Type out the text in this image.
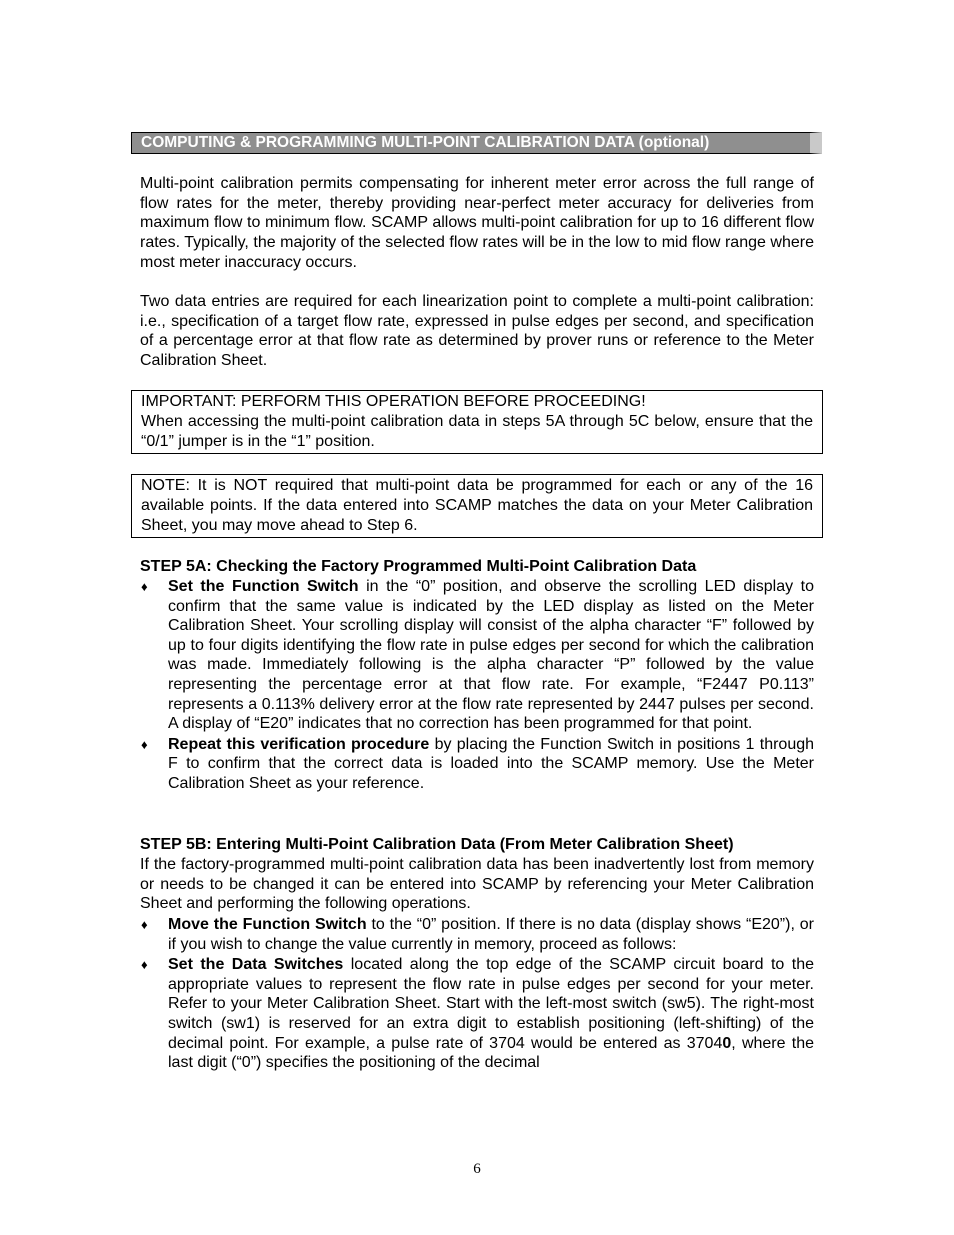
COMPUTING & PROGRAMMING MULTI-POINT CALIBRATION DATA (optional)

Multi-point calibration permits compensating for inherent meter error across the full range of flow rates for the meter, thereby providing near-perfect meter accuracy for deliveries from maximum flow to minimum flow. SCAMP allows multi-point calibration for up to 16 different flow rates. Typically, the majority of the selected flow rates will be in the low to mid flow range where most meter inaccuracy occurs.

Two data entries are required for each linearization point to complete a multi-point calibration: i.e., specification of a target flow rate, expressed in pulse edges per second, and specification of a percentage error at that flow rate as determined by prover runs or reference to the Meter Calibration Sheet.

IMPORTANT: PERFORM THIS OPERATION BEFORE PROCEEDING!
When accessing the multi-point calibration data in steps 5A through 5C below, ensure that the “0/1” jumper is in the “1” position.
NOTE: It is NOT required that multi-point data be programmed for each or any of the 16 available points. If the data entered into SCAMP matches the data on your Meter Calibration Sheet, you may move ahead to Step 6.
STEP 5A: Checking the Factory Programmed Multi-Point Calibration Data
♦ Set the Function Switch in the “0” position, and observe the scrolling LED display to confirm that the same value is indicated by the LED display as listed on the Meter Calibration Sheet. Your scrolling display will consist of the alpha character “F” followed by up to four digits identifying the flow rate in pulse edges per second for which the calibration was made. Immediately following is the alpha character “P” followed by the value representing the percentage error at that flow rate. For example, “F2447 P0.113” represents a 0.113% delivery error at the flow rate represented by 2447 pulses per second. A display of “E20” indicates that no correction has been programmed for that point.
♦ Repeat this verification procedure by placing the Function Switch in positions 1 through F to confirm that the correct data is loaded into the SCAMP memory. Use the Meter Calibration Sheet as your reference.
STEP 5B: Entering Multi-Point Calibration Data (From Meter Calibration Sheet)

If the factory-programmed multi-point calibration data has been inadvertently lost from memory or needs to be changed it can be entered into SCAMP by referencing your Meter Calibration Sheet and performing the following operations.

♦ Move the Function Switch to the “0” position. If there is no data (display shows “E20”), or if you wish to change the value currently in memory, proceed as follows:
♦ Set the Data Switches located along the top edge of the SCAMP circuit board to the appropriate values to represent the flow rate in pulse edges per second for your meter. Refer to your Meter Calibration Sheet. Start with the left-most switch (sw5). The right-most switch (sw1) is reserved for an extra digit to establish positioning (left-shifting) of the decimal point. For example, a pulse rate of 3704 would be entered as 37040, where the last digit (“0”) specifies the positioning of the decimal
6
